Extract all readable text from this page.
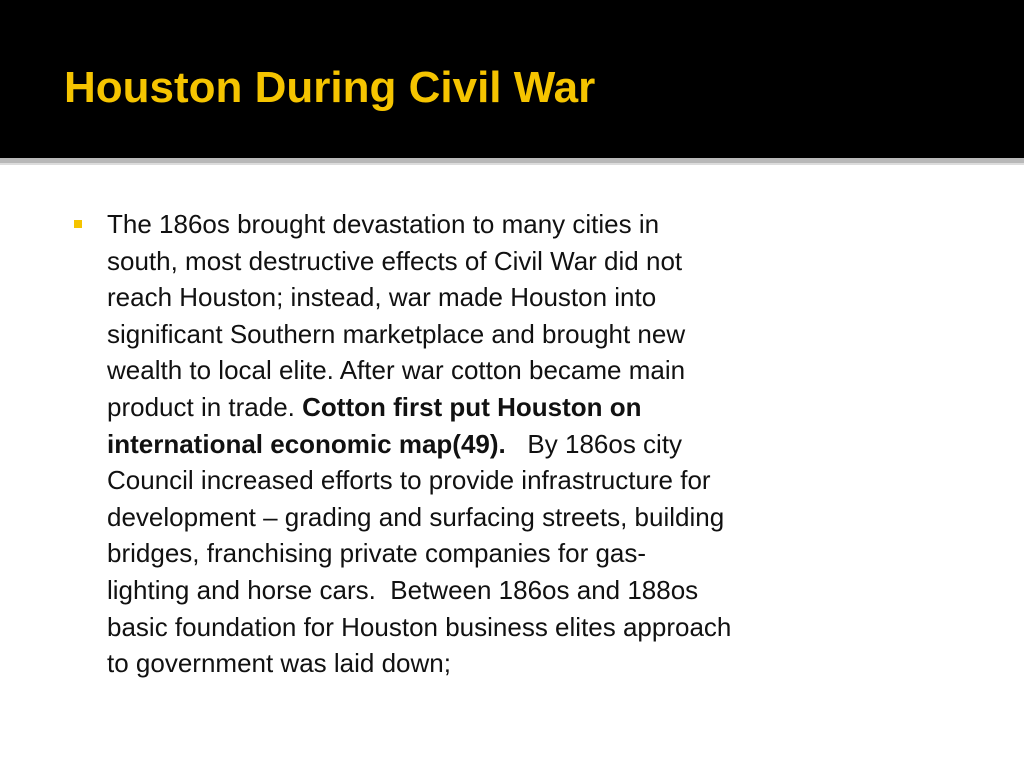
Houston During Civil War

The 186os brought devastation to many cities in
south, most destructive effects of Civil War did not
reach Houston; instead, war made Houston into
significant Southern marketplace and brought new
wealth to local elite. After war cotton became main
product in trade. Cotton first put Houston on
international economic map(49).   By 186os city
Council increased efforts to provide infrastructure for
development – grading and surfacing streets, building
bridges, franchising private companies for gas-
lighting and horse cars.  Between 186os and 188os
basic foundation for Houston business elites approach
to government was laid down;
